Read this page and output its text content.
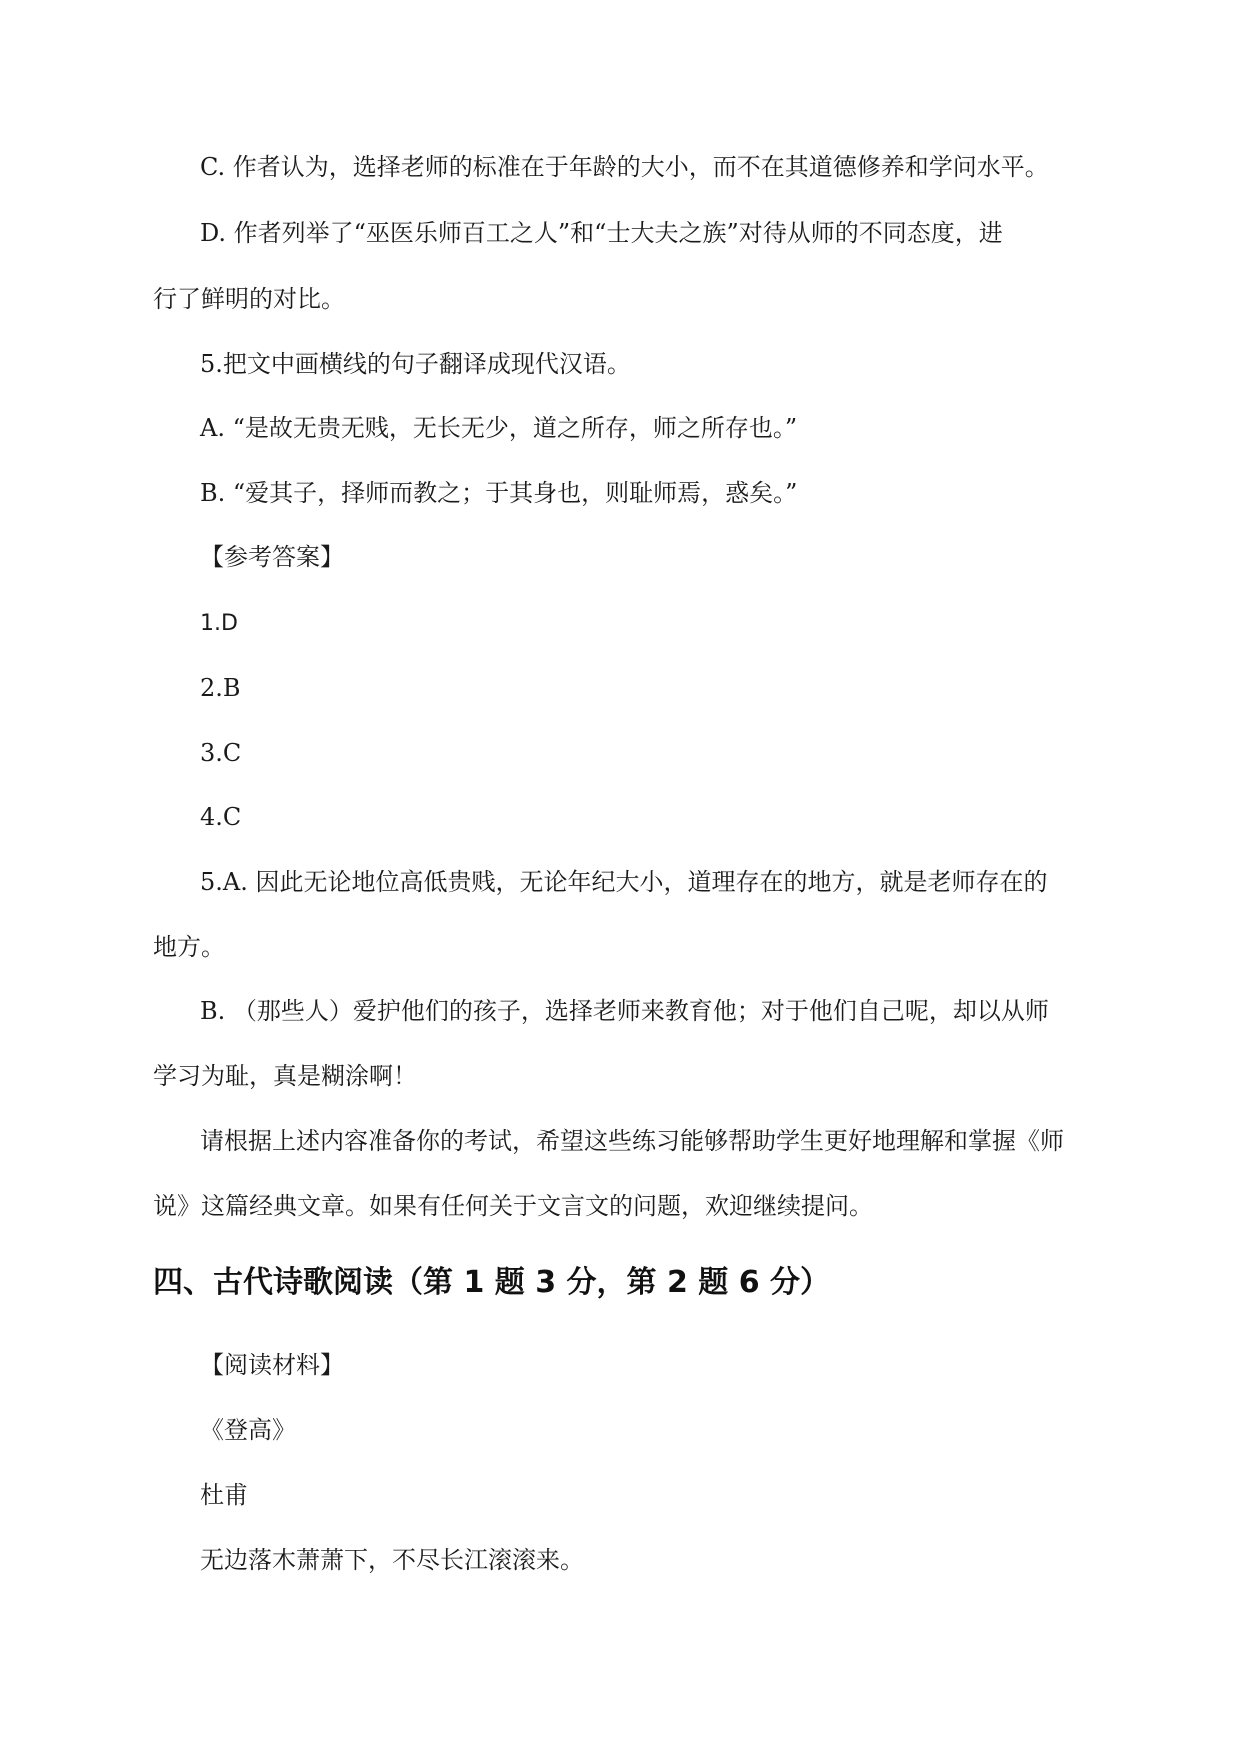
C. 作者认为，选择老师的标准在于年龄的大小，而不在其道德修养和学问水平。
D. 作者列举了“巫医乐师百工之人”和“士大夫之族”对待从师的不同态度，进
行了鲜明的对比。
5.把文中画横线的句子翻译成现代汉语。
A. “是故无贵无贱，无长无少，道之所存，师之所存也。”
B. “爱其子，择师而教之；于其身也，则耻师焉，惑矣。”
【参考答案】
1.D
2.B
3.C
4.C
5.A. 因此无论地位高低贵贱，无论年纪大小，道理存在的地方，就是老师存在的
地方。
B. （那些人）爱护他们的孩子，选择老师来教育他；对于他们自己呢，却以从师
学习为耻，真是糊涂啊！
请根据上述内容准备你的考试，希望这些练习能够帮助学生更好地理解和掌握《师
说》这篇经典文章。如果有任何关于文言文的问题，欢迎继续提问。
四、古代诗歌阅读（第 1 题 3 分，第 2 题 6 分）
【阅读材料】
《登高》
杜甫
无边落木萧萧下，不尽长江滚滚来。
